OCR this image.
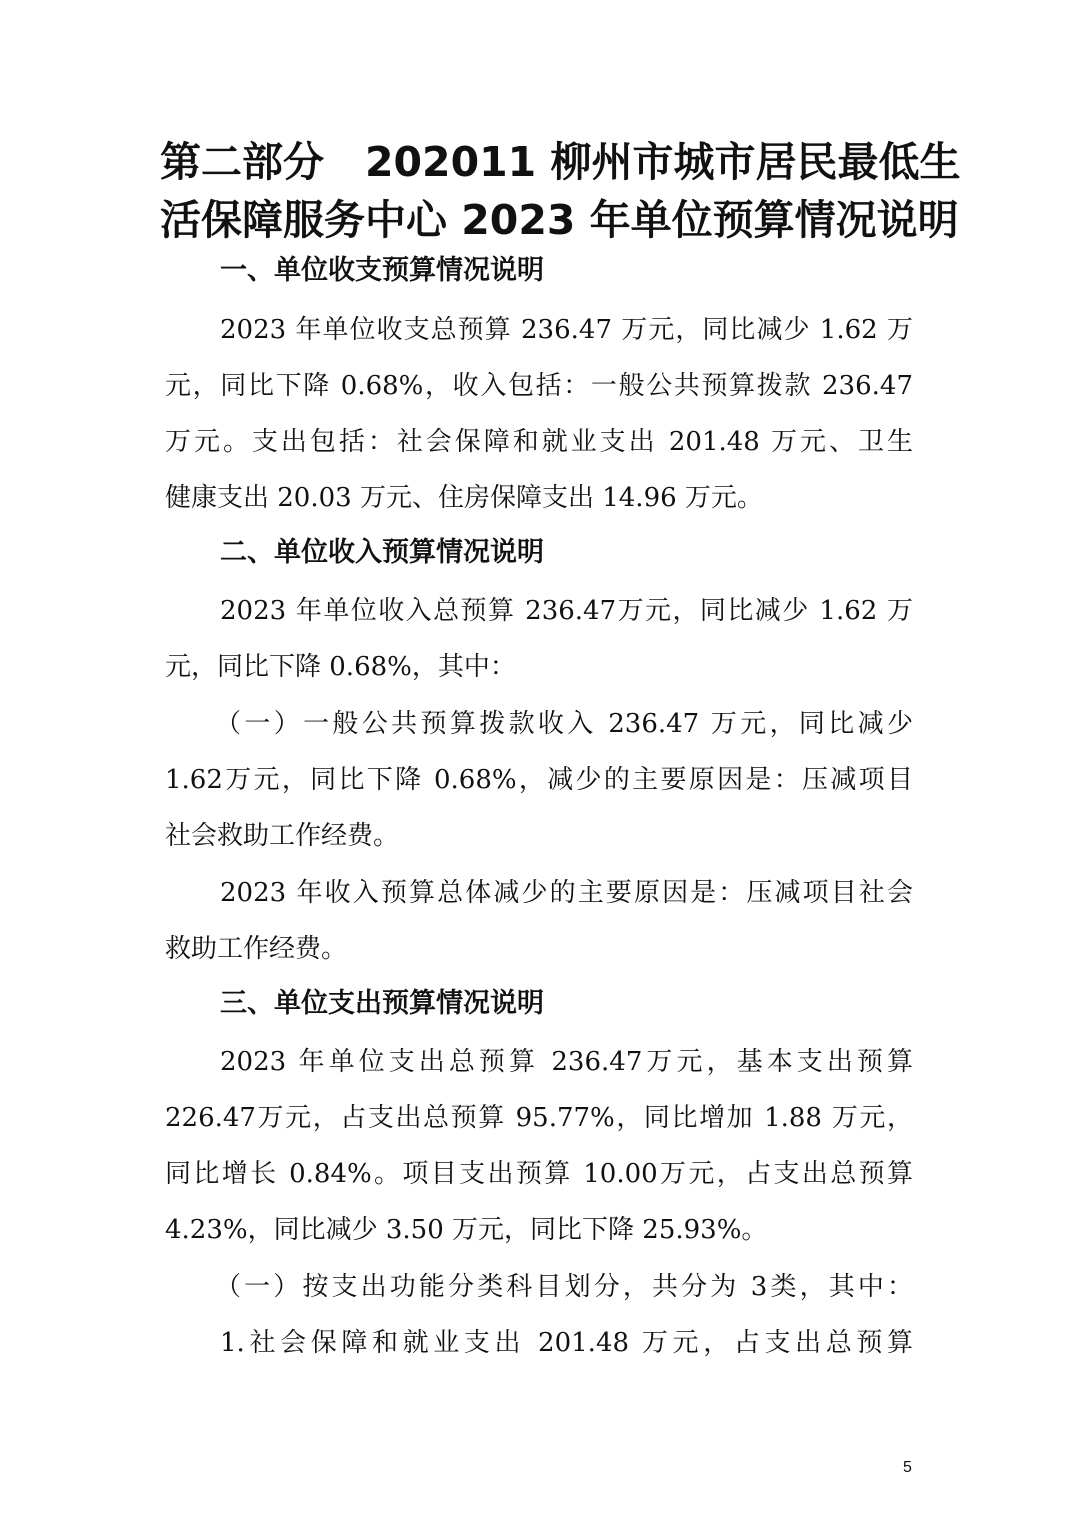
第二部分　202011 柳州市城市居民最低生
活保障服务中心 2023 年单位预算情况说明
一、单位收支预算情况说明

2023 年单位收支总预算 236.47 万元，同比减少 1.62 万

元，同比下降 0.68%，收入包括：一般公共预算拨款 236.47

万元。支出包括：社会保障和就业支出 201.48 万元、卫生

健康支出 20.03 万元、住房保障支出 14.96 万元。

二、单位收入预算情况说明

2023 年单位收入总预算 236.47万元，同比减少 1.62 万

元，同比下降 0.68%，其中：

（一）一般公共预算拨款收入 236.47 万元，同比减少

1.62万元，同比下降 0.68%，减少的主要原因是：压减项目

社会救助工作经费。

2023 年收入预算总体减少的主要原因是：压减项目社会

救助工作经费。

三、单位支出预算情况说明

2023 年单位支出总预算 236.47万元，基本支出预算

226.47万元，占支出总预算 95.77%，同比增加 1.88 万元，

同比增长 0.84%。项目支出预算 10.00万元，占支出总预算

4.23%，同比减少 3.50 万元，同比下降 25.93%。

（一）按支出功能分类科目划分，共分为 3类，其中：

1.社会保障和就业支出 201.48 万元，占支出总预算

5
